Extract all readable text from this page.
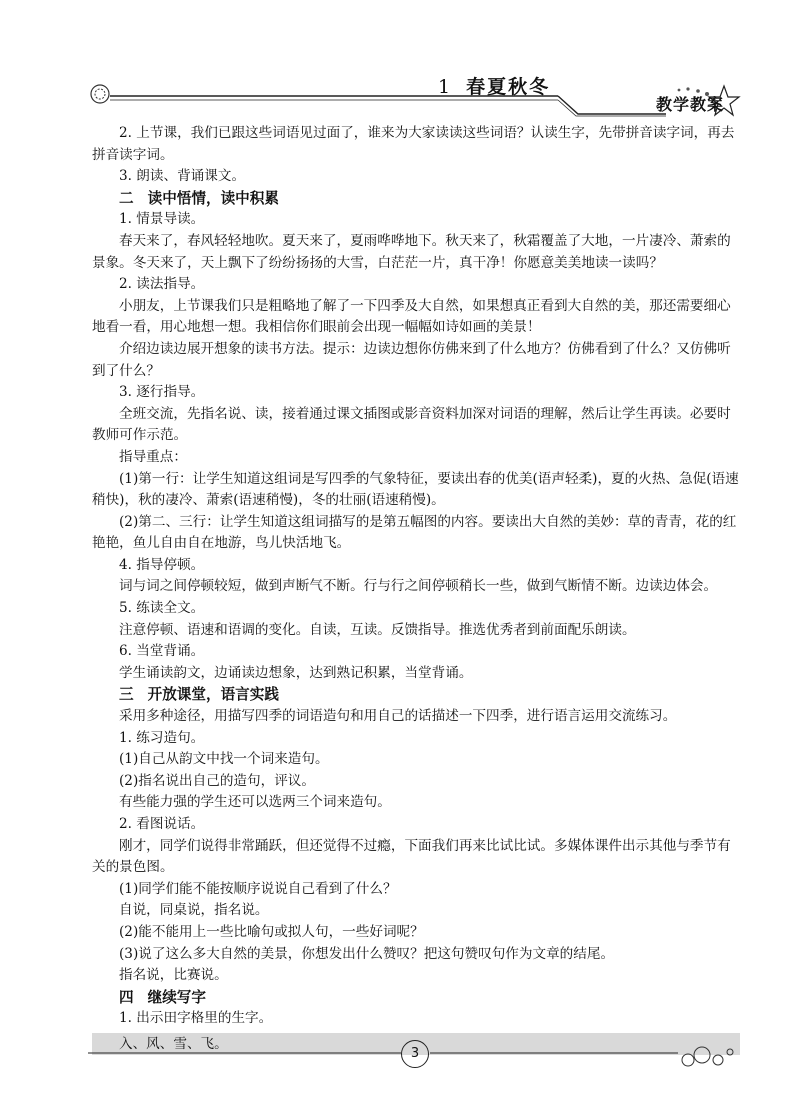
1 春夏秋冬
教学教案

2. 上节课，我们已跟这些词语见过面了，谁来为大家读读这些词语？认读生字，先带拼音读字词，再去拼音读字词。

3. 朗读、背诵课文。

二 读中悟情，读中积累

1. 情景导读。

春天来了，春风轻轻地吹。夏天来了，夏雨哗哗地下。秋天来了，秋霜覆盖了大地，一片凄冷、萧索的景象。冬天来了，天上飘下了纷纷扬扬的大雪，白茫茫一片，真干净！你愿意美美地读一读吗？

2. 读法指导。

小朋友，上节课我们只是粗略地了解了一下四季及大自然，如果想真正看到大自然的美，那还需要细心地看一看，用心地想一想。我相信你们眼前会出现一幅幅如诗如画的美景！

介绍边读边展开想象的读书方法。提示：边读边想你仿佛来到了什么地方？仿佛看到了什么？又仿佛听到了什么？

3. 逐行指导。

全班交流，先指名说、读，接着通过课文插图或影音资料加深对词语的理解，然后让学生再读。必要时教师可作示范。

指导重点：

(1)第一行：让学生知道这组词是写四季的气象特征，要读出春的优美(语声轻柔)，夏的火热、急促(语速稍快)，秋的凄冷、萧索(语速稍慢)，冬的壮丽(语速稍慢)。

(2)第二、三行：让学生知道这组词描写的是第五幅图的内容。要读出大自然的美妙：草的青青，花的红艳艳，鱼儿自由自在地游，鸟儿快活地飞。

4. 指导停顿。

词与词之间停顿较短，做到声断气不断。行与行之间停顿稍长一些，做到气断情不断。边读边体会。

5. 练读全文。

注意停顿、语速和语调的变化。自读，互读。反馈指导。推选优秀者到前面配乐朗读。

6. 当堂背诵。

学生诵读韵文，边诵读边想象，达到熟记积累，当堂背诵。

三 开放课堂，语言实践

采用多种途径，用描写四季的词语造句和用自己的话描述一下四季，进行语言运用交流练习。

1. 练习造句。

(1)自己从韵文中找一个词来造句。

(2)指名说出自己的造句，评议。

有些能力强的学生还可以选两三个词来造句。

2. 看图说话。

刚才，同学们说得非常踊跃，但还觉得不过瘾，下面我们再来比试比试。多媒体课件出示其他与季节有关的景色图。

(1)同学们能不能按顺序说说自己看到了什么？

自说，同桌说，指名说。

(2)能不能用上一些比喻句或拟人句，一些好词呢？

(3)说了这么多大自然的美景，你想发出什么赞叹？把这句赞叹句作为文章的结尾。

指名说，比赛说。

四 继续写字

1. 出示田字格里的生字。

入、风、雪、飞。
3
